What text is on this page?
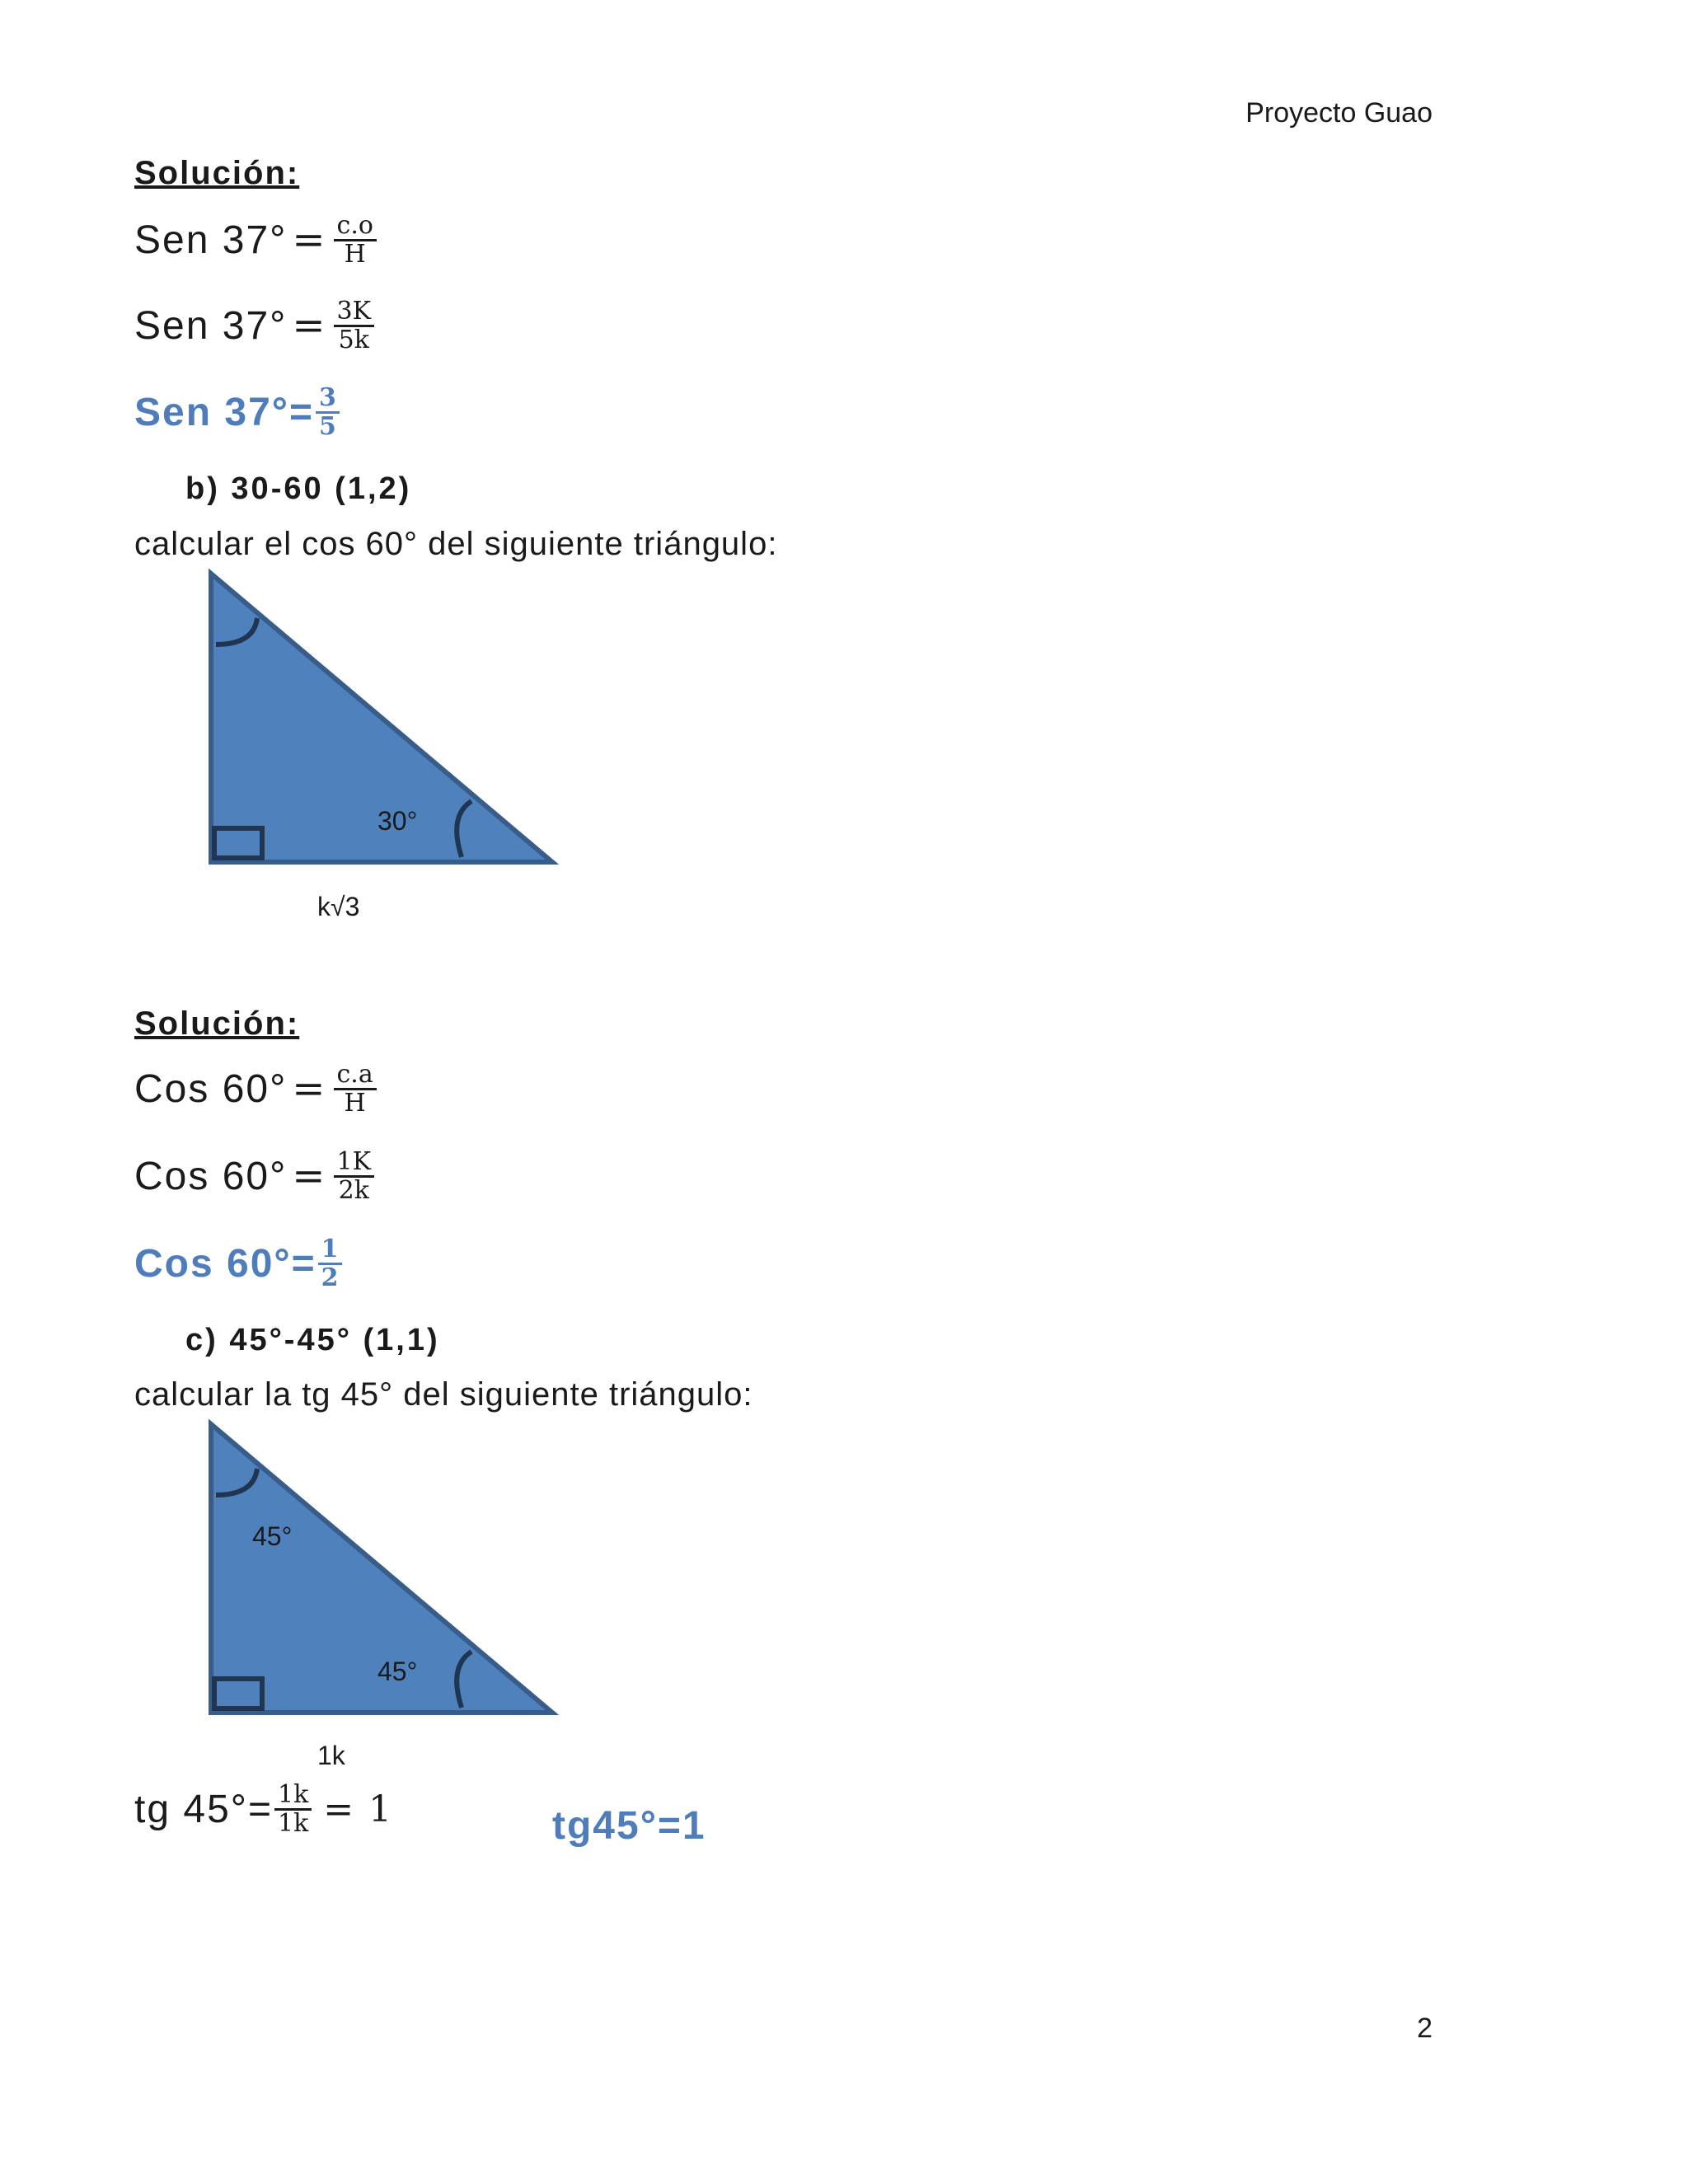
Proyecto Guao
Solución:
Sen $37^\circ = \frac{c.o}{H}$
Sen $37^\circ = \frac{3K}{5k}$
Sen $37^\circ= \frac{3}{5}$
b) 30-60 (1,2)
calcular el cos 60° del siguiente triángulo:
30°
k√3
Solución:
Cos $60^\circ = \frac{c.a}{H}$
Cos $60^\circ = \frac{1K}{2k}$
Cos $60^\circ= \frac{1}{2}$
c) 45°-45° (1,1)
calcular la tg 45° del siguiente triángulo:
45°
45°
1k
tg $45^\circ= \frac{1k}{1k} = 1$	tg45°=1
2
